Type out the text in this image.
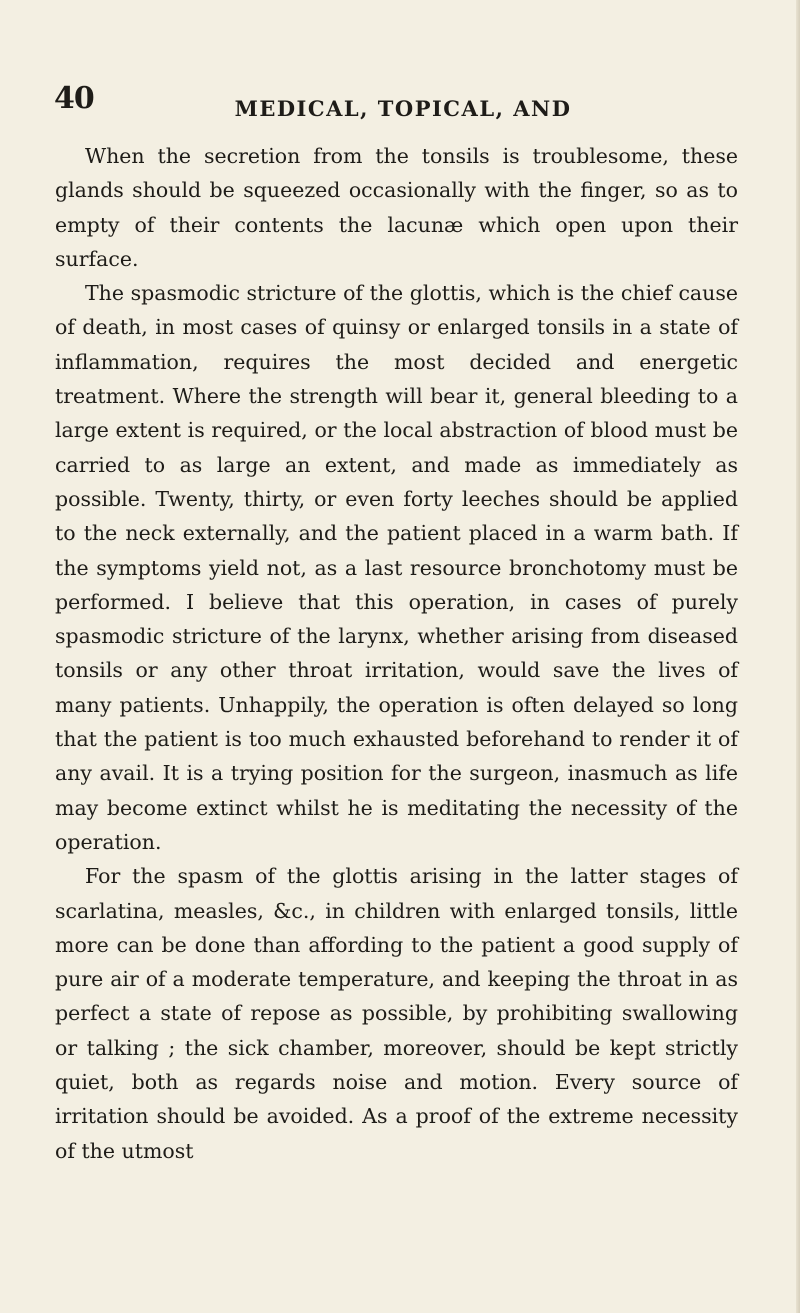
40	MEDICAL, TOPICAL, AND

When the secretion from the tonsils is troublesome, these glands should be squeezed occasionally with the finger, so as to empty of their contents the lacunæ which open upon their surface.

The spasmodic stricture of the glottis, which is the chief cause of death, in most cases of quinsy or enlarged tonsils in a state of inflammation, requires the most decided and energetic treatment. Where the strength will bear it, general bleeding to a large extent is required, or the local abstraction of blood must be carried to as large an extent, and made as immediately as possible. Twenty, thirty, or even forty leeches should be applied to the neck externally, and the patient placed in a warm bath. If the symptoms yield not, as a last resource bronchotomy must be performed. I believe that this operation, in cases of purely spasmodic stricture of the larynx, whether arising from diseased tonsils or any other throat irritation, would save the lives of many patients. Unhappily, the operation is often delayed so long that the patient is too much exhausted beforehand to render it of any avail. It is a trying position for the surgeon, inasmuch as life may become extinct whilst he is meditating the necessity of the operation.

For the spasm of the glottis arising in the latter stages of scarlatina, measles, &c., in children with enlarged tonsils, little more can be done than affording to the patient a good supply of pure air of a moderate temperature, and keeping the throat in as perfect a state of repose as possible, by prohibiting swallowing or talking ; the sick chamber, moreover, should be kept strictly quiet, both as regards noise and motion. Every source of irritation should be avoided. As a proof of the extreme necessity of the utmost
